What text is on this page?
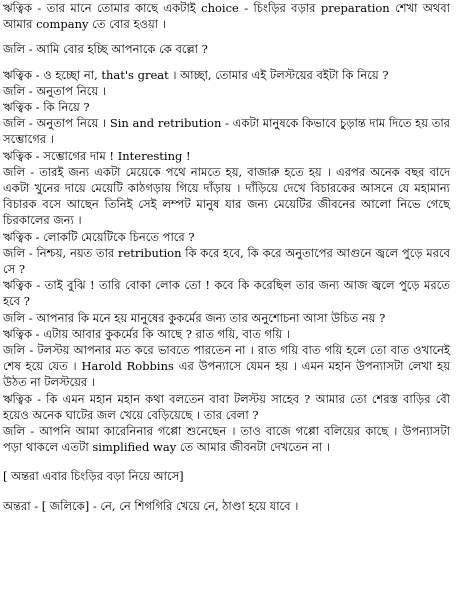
ঋত্বিক - তার মানে তোমার কাছে একটাই choice - চিংড়ির বড়ার preparation শেখা অথবা আমার company তে বোর হওয়া ।

জলি - আমি বোর হচ্ছি আপনাকে কে বল্লো ?

ঋত্বিক - ও হচ্ছো না, that's great । আচ্ছা, তোমার এই টলস্টয়ের বইটা কি নিয়ে ?

জলি - অনুতাপ নিয়ে ।

ঋত্বিক - কি নিয়ে ?

জলি - অনুতাপ নিয়ে । Sin and retribution - একটা মানুষকে কিভাবে চুড়ান্ত দাম দিতে হয় তার সম্ভোগের ।

ঋত্বিক - সম্ভোগের দাম ! Interesting !

জলি - তারই জন্য একটা মেয়েকে পথে নামতে হয়, বাজারু হতে হয় । এরপর অনেক বছর বাদে একটা খুনের দায়ে মেয়েটি কাঠগড়ায় গিয়ে দাঁড়ায় । দাঁড়িয়ে দেখে বিচারকের আসনে যে মহামান্য বিচারক বসে আছেন তিনিই সেই লম্পট মানুষ যার জন্য মেয়েটির জীবনের আলো নিভে গেছে চিরকালের জন্য ।

ঋত্বিক - লোকটি মেয়েটিকে চিনতে পারে ?

জলি - নিশ্চয়, নয়ত তার retribution কি করে হবে, কি করে অনুতাপের আগুনে জ্বলে পুড়ে মরবে সে ?

ঋত্বিক - তাই বুঝি ! তারি বোকা লোক তো ! কবে কি করেছিল তার জন্য আজ জ্বলে পুড়ে মরতে হবে ?

জলি - আপনার কি মনে হয় মানুষের কুকর্মের জন্য তার অনুশোচনা আসা উচিত নয় ?

ঋত্বিক - এটায় আবার কুকর্মের কি আছে ? রাত গয়ি, বাত গয়ি ।

জলি - টলস্টয় আপনার মত করে ভাবতে পারতেন না । রাত গয়ি বাত গয়ি হলে তো বাত ওখানেই শেষ হয়ে যেত । Harold Robbins এর উপন্যাসে যেমন হয় । এমন মহান উপন্যাসটা লেখা হয় উঠত না টলস্টয়ের ।

ঋত্বিক - কি এমন মহান মহান কথা বলতেন বাবা টলস্টয় সাহেব ? আমার তো শেরস্ত বাড়ির বৌ হয়েও অনেক ঘাটের জল খেয়ে বেড়িয়েছে । তার বেলা ?

জলি - আপনি আমা কারেনিনার গপ্পো শুনেছেন । তাও বাজে গপ্পো বলিয়ের কাছে । উপন্যাসটা পড়া থাকলে এতটা simplified way তে আমার জীবনটা দেখতেন না ।

[ অন্তরা এবার চিংড়ির বড়া নিয়ে আসে]

অন্তরা - [ জলিকে] - নে, নে শিগগিরি খেয়ে নে, ঠাণ্ডা হয়ে যাবে ।
